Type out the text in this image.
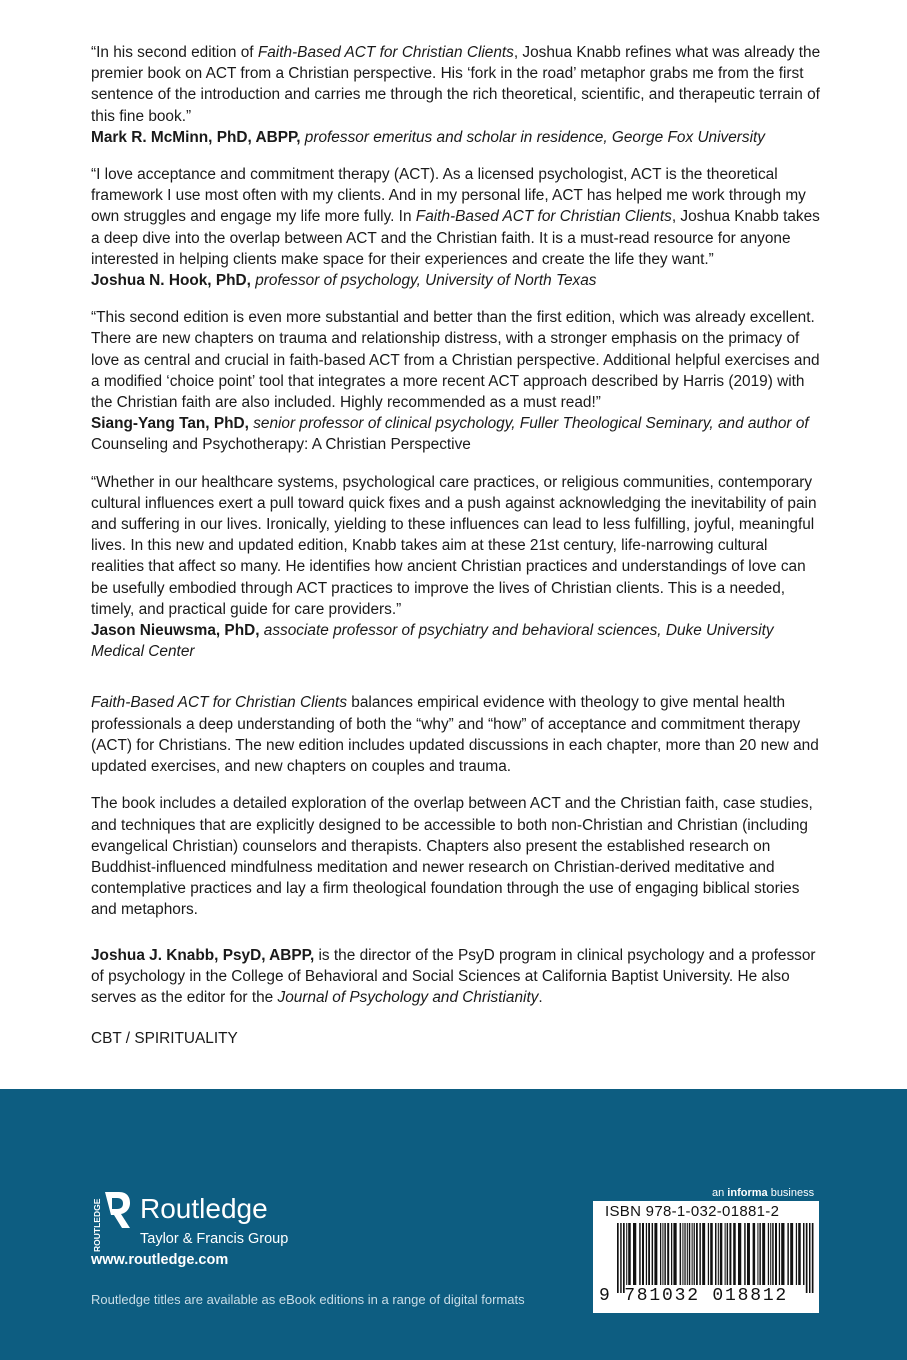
“In his second edition of Faith-Based ACT for Christian Clients, Joshua Knabb refines what was already the premier book on ACT from a Christian perspective. His ‘fork in the road’ metaphor grabs me from the first sentence of the introduction and carries me through the rich theoretical, scientific, and therapeutic terrain of this fine book.”

Mark R. McMinn, PhD, ABPP, professor emeritus and scholar in residence, George Fox University

“I love acceptance and commitment therapy (ACT). As a licensed psychologist, ACT is the theoretical framework I use most often with my clients. And in my personal life, ACT has helped me work through my own struggles and engage my life more fully. In Faith-Based ACT for Christian Clients, Joshua Knabb takes a deep dive into the overlap between ACT and the Christian faith. It is a must-read resource for anyone interested in helping clients make space for their experiences and create the life they want.”

Joshua N. Hook, PhD, professor of psychology, University of North Texas

“This second edition is even more substantial and better than the first edition, which was already excellent. There are new chapters on trauma and relationship distress, with a stronger emphasis on the primacy of love as central and crucial in faith-based ACT from a Christian perspective. Additional helpful exercises and a modified ‘choice point’ tool that integrates a more recent ACT approach described by Harris (2019) with the Christian faith are also included. Highly recommended as a must read!”

Siang-Yang Tan, PhD, senior professor of clinical psychology, Fuller Theological Seminary, and author of Counseling and Psychotherapy: A Christian Perspective

“Whether in our healthcare systems, psychological care practices, or religious communities, contemporary cultural influences exert a pull toward quick fixes and a push against acknowledging the inevitability of pain and suffering in our lives. Ironically, yielding to these influences can lead to less fulfilling, joyful, meaningful lives. In this new and updated edition, Knabb takes aim at these 21st century, life-narrowing cultural realities that affect so many. He identifies how ancient Christian practices and understandings of love can be usefully embodied through ACT practices to improve the lives of Christian clients. This is a needed, timely, and practical guide for care providers.”

Jason Nieuwsma, PhD, associate professor of psychiatry and behavioral sciences, Duke University Medical Center

Faith-Based ACT for Christian Clients balances empirical evidence with theology to give mental health professionals a deep understanding of both the “why” and “how” of acceptance and commitment therapy (ACT) for Christians. The new edition includes updated discussions in each chapter, more than 20 new and updated exercises, and new chapters on couples and trauma.

The book includes a detailed exploration of the overlap between ACT and the Christian faith, case studies, and techniques that are explicitly designed to be accessible to both non-Christian and Christian (including evangelical Christian) counselors and therapists. Chapters also present the established research on Buddhist-influenced mindfulness meditation and newer research on Christian-derived meditative and contemplative practices and lay a firm theological foundation through the use of engaging biblical stories and metaphors.

Joshua J. Knabb, PsyD, ABPP, is the director of the PsyD program in clinical psychology and a professor of psychology in the College of Behavioral and Social Sciences at California Baptist University. He also serves as the editor for the Journal of Psychology and Christianity.

CBT / SPIRITUALITY

ROUTLEDGE Routledge
Taylor & Francis Group
www.routledge.com
Routledge titles are available as eBook editions in a range of digital formats
an informa business
ISBN 978-1-032-01881-2
9 781032 018812
